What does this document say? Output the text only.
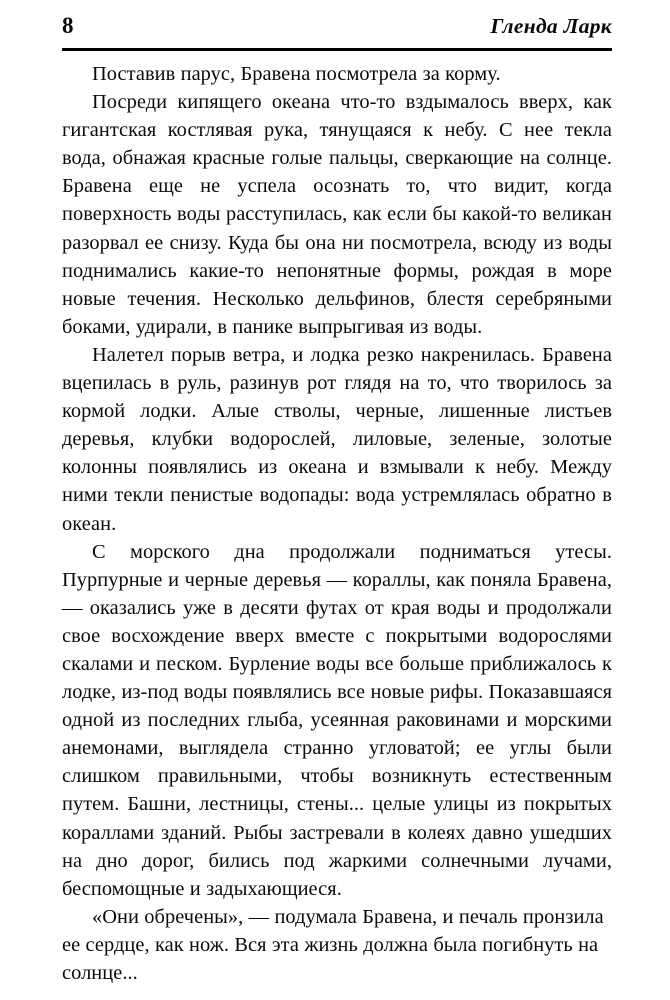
8	Гленда Ларк

Поставив парус, Бравена посмотрела за корму.

Посреди кипящего океана что-то вздымалось вверх, как гигантская костлявая рука, тянущаяся к небу. С нее текла вода, обнажая красные голые пальцы, сверкающие на солнце. Бравена еще не успела осознать то, что видит, когда поверхность воды расступилась, как если бы какой-то великан разорвал ее снизу. Куда бы она ни посмотрела, всюду из воды поднимались какие-то непонятные формы, рождая в море новые течения. Несколько дельфинов, блестя серебряными боками, удирали, в панике выпрыгивая из воды.

Налетел порыв ветра, и лодка резко накренилась. Бравена вцепилась в руль, разинув рот глядя на то, что творилось за кормой лодки. Алые стволы, черные, лишенные листьев деревья, клубки водорослей, лиловые, зеленые, золотые колонны появлялись из океана и взмывали к небу. Между ними текли пенистые водопады: вода устремлялась обратно в океан.

С морского дна продолжали подниматься утесы. Пурпурные и черные деревья — кораллы, как поняла Бравена, — оказались уже в десяти футах от края воды и продолжали свое восхождение вверх вместе с покрытыми водорослями скалами и песком. Бурление воды все больше приближалось к лодке, из-под воды появлялись все новые рифы. Показавшаяся одной из последних глыба, усеянная раковинами и морскими анемонами, выглядела странно угловатой; ее углы были слишком правильными, чтобы возникнуть естественным путем. Башни, лестницы, стены... целые улицы из покрытых кораллами зданий. Рыбы застревали в колеях давно ушедших на дно дорог, бились под жаркими солнечными лучами, беспомощные и задыхающиеся.

«Они обречены», — подумала Бравена, и печаль пронзила ее сердце, как нож. Вся эта жизнь должна была погибнуть на солнце...
